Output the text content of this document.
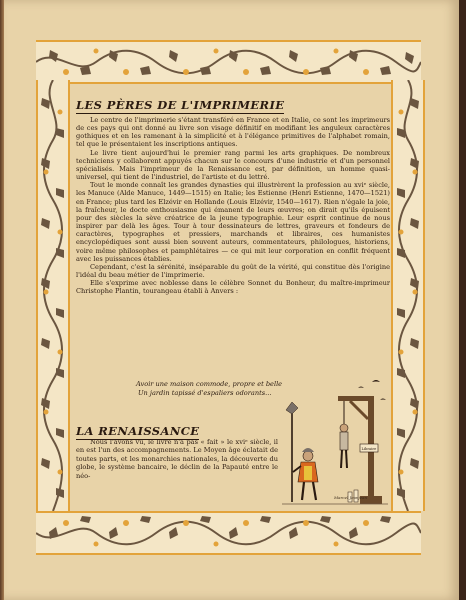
LES PÈRES DE L'IMPRIMERIE

Le centre de l'imprimerie s'étant transféré en France et en Italie, ce sont les imprimeurs de ces pays qui ont donné au livre son visage définitif en modifiant les anguleux caractères gothiques et en les ramenant à la simplicité et à l'élégance primitives de l'alphabet romain, tel que le présentaient les inscriptions antiques.

Le livre tient aujourd'hui le premier rang parmi les arts graphiques. De nombreux techniciens y collaborent appuyés chacun sur le concours d'une industrie et d'un personnel spécialisés. Mais l'imprimeur de la Renaissance est, par définition, un homme quasi-universel, qui tient de l'industriel, de l'artiste et du lettré.

Tout le monde connaît les grandes dynasties qui illustrèrent la profession au xviᵉ siècle, les Manuce (Alde Manuce, 1449—1515) en Italie; les Estienne (Henri Estienne, 1470—1521) en France; plus tard les Elzévir en Hollande (Louis Elzévir, 1540—1617). Rien n'égale la joie, la fraîcheur, le docte enthousiasme qui émanent de leurs œuvres; on dirait qu'ils épuisent pour des siècles la sève créatrice de la jeune typographie. Leur esprit continue de nous inspirer par delà les âges. Tour à tour dessinateurs de lettres, graveurs et fondeurs de caractères, typographes et pressiers, marchands et libraires, ces humanistes encyclopédiques sont aussi bien souvent auteurs, commentateurs, philologues, historiens, voire même philosophes et pamphlétaires — ce qui mit leur corporation en conflit fréquent avec les puissances établies.

Cependant, c'est la sérénité, inséparable du goût de la vérité, qui constitue dès l'origine l'idéal du beau métier de l'imprimerie.

Elle s'exprime avec noblesse dans le célèbre Sonnet du Bonheur, du maître-imprimeur Christophe Plantin, tourangeau établi à Anvers :

Avoir une maison commode, propre et belle
Un jardin tapissé d'espaliers odorants...
LA RENAISSANCE

Nous l'avons vu, le livre n'a pas « fait » le xviᵉ siècle, il en est l'un des accompagnements. Le Moyen âge éclatait de toutes parts, et les monarchies nationales, la découverte du globe, le système bancaire, le déclin de la Papauté entre le néo-

Libraire
Marcel Jeanjean
